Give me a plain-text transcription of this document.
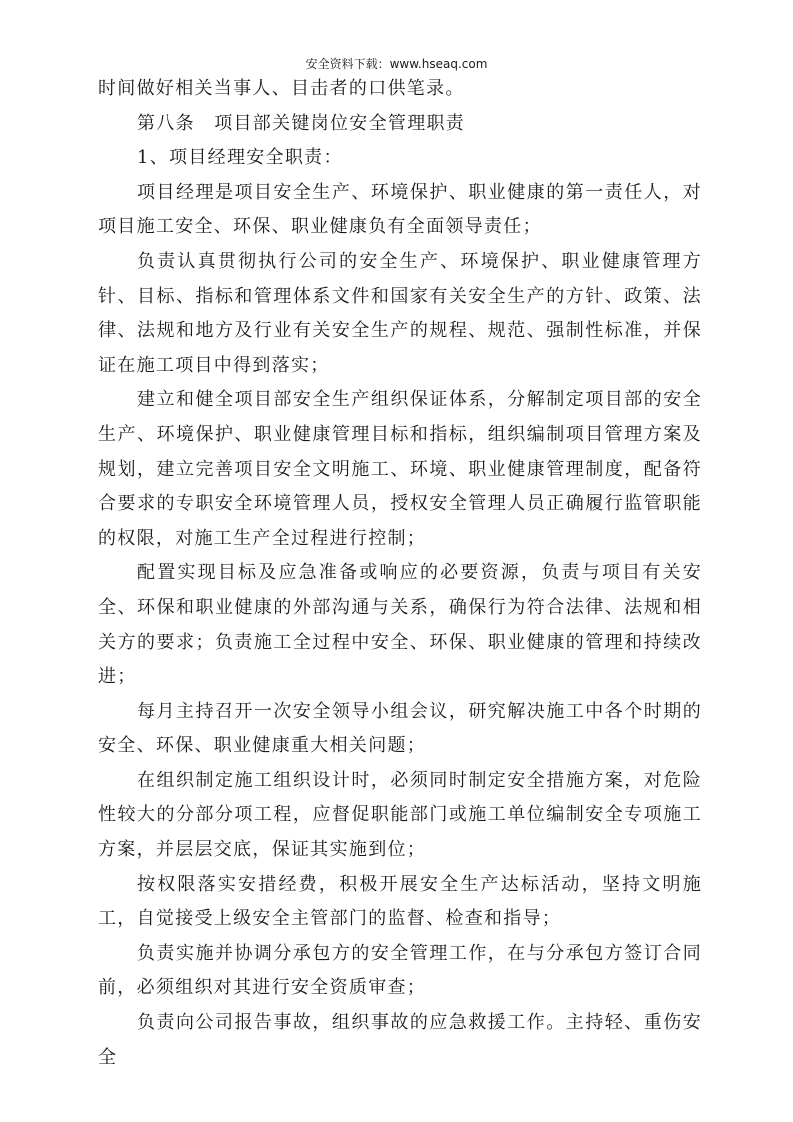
安全资料下载：www.hseaq.com

时间做好相关当事人、目击者的口供笔录。

第八条　项目部关键岗位安全管理职责

1、项目经理安全职责：

项目经理是项目安全生产、环境保护、职业健康的第一责任人，对项目施工安全、环保、职业健康负有全面领导责任；

负责认真贯彻执行公司的安全生产、环境保护、职业健康管理方针、目标、指标和管理体系文件和国家有关安全生产的方针、政策、法律、法规和地方及行业有关安全生产的规程、规范、强制性标准，并保证在施工项目中得到落实；

建立和健全项目部安全生产组织保证体系，分解制定项目部的安全生产、环境保护、职业健康管理目标和指标，组织编制项目管理方案及规划，建立完善项目安全文明施工、环境、职业健康管理制度，配备符合要求的专职安全环境管理人员，授权安全管理人员正确履行监管职能的权限，对施工生产全过程进行控制；

配置实现目标及应急准备或响应的必要资源，负责与项目有关安全、环保和职业健康的外部沟通与关系，确保行为符合法律、法规和相关方的要求；负责施工全过程中安全、环保、职业健康的管理和持续改进；

每月主持召开一次安全领导小组会议，研究解决施工中各个时期的安全、环保、职业健康重大相关问题；

在组织制定施工组织设计时，必须同时制定安全措施方案，对危险性较大的分部分项工程，应督促职能部门或施工单位编制安全专项施工方案，并层层交底，保证其实施到位；

按权限落实安措经费，积极开展安全生产达标活动，坚持文明施工，自觉接受上级安全主管部门的监督、检查和指导；

负责实施并协调分承包方的安全管理工作，在与分承包方签订合同前，必须组织对其进行安全资质审查；

负责向公司报告事故，组织事故的应急救援工作。主持轻、重伤安全
